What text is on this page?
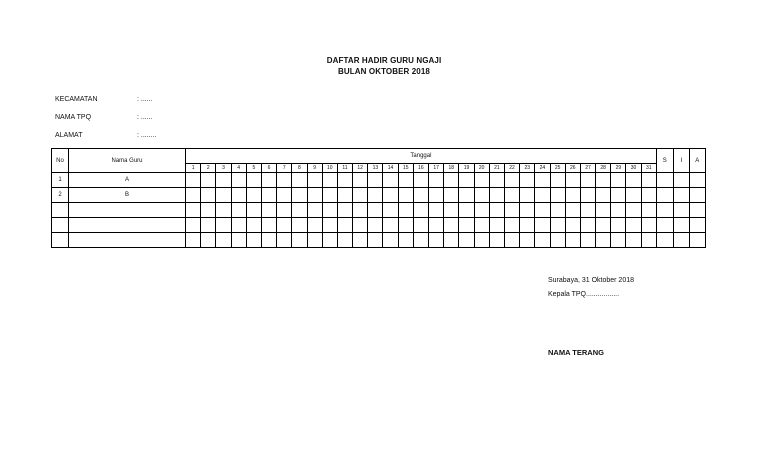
DAFTAR HADIR GURU NGAJI
BULAN OKTOBER 2018
KECAMATAN	: ......
NAMA TPQ	: ......
ALAMAT	: ........
No	Nama Guru	Tanggal																															S	I	A
		1	2	3	4	5	6	7	8	9	10	11	12	13	14	15	16	17	18	19	20	21	22	23	24	25	26	27	28	29	30	31			
1	A																																		
2	B																																		

Surabaya, 31 Oktober 2018
Kepala TPQ.................
NAMA TERANG
